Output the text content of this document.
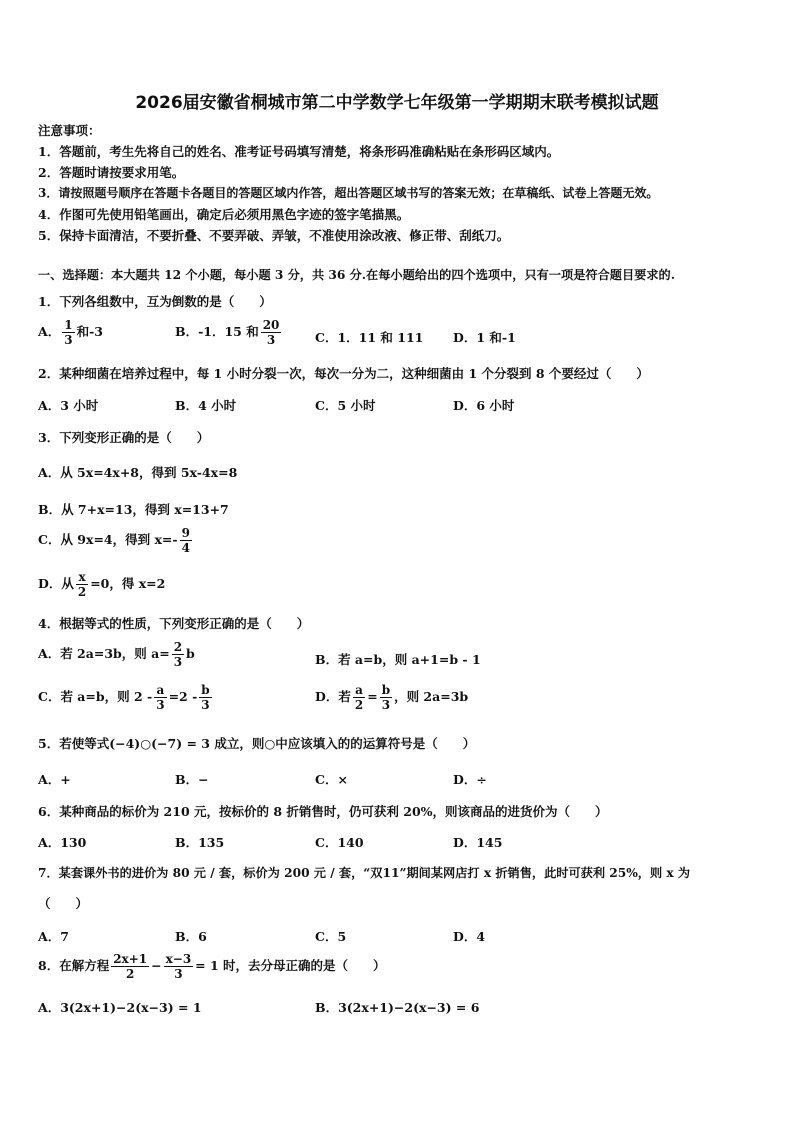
2026届安徽省桐城市第二中学数学七年级第一学期期末联考模拟试题
注意事项：
1．答题前，考生先将自己的姓名、准考证号码填写清楚，将条形码准确粘贴在条形码区域内。
2．答题时请按要求用笔。
3．请按照题号顺序在答题卡各题目的答题区域内作答，超出答题区域书写的答案无效；在草稿纸、试卷上答题无效。
4．作图可先使用铅笔画出，确定后必须用黑色字迹的签字笔描黑。
5．保持卡面清洁，不要折叠、不要弄破、弄皱，不准使用涂改液、修正带、刮纸刀。
一、选择题：本大题共 12 个小题，每小题 3 分，共 36 分.在每小题给出的四个选项中，只有一项是符合题目要求的.
1．下列各组数中，互为倒数的是（　　）
A． $\frac{1}{3}$ 和-3	B．-1．15 和 $\frac{20}{3}$	C．1．11 和 111 D．1 和-1
2．某种细菌在培养过程中，每 1 小时分裂一次，每次一分为二，这种细菌由 1 个分裂到 8 个要经过（　　）
A．3 小时	B．4 小时	C．5 小时	D．6 小时
3．下列变形正确的是（　　）
A．从 5x=4x+8，得到 5x-4x=8
B．从 7+x=13，得到 x=13+7
C．从 9x=4，得到 $x=- \frac{9}{4}$
D．从 $\frac{x}{2} =0$，得 x=2
4．根据等式的性质，下列变形正确的是（　　）
A．若 2a=3b，则 $a= \frac{2}{3}$ b	B．若 a=b，则 a+1=b - 1
C．若 a=b，则 $2 - \frac{a}{3} =2 - \frac{b}{3}$	D．若 $\frac{a}{2} = \frac{b}{3}$ ，则 2a=3b
5．若使等式(−4)○(−7) = 3 成立，则○中应该填入的的运算符号是（　　）
A．+	B．−	C．×	D．÷
6．某种商品的标价为 210 元，按标价的 8 折销售时，仍可获利 20%，则该商品的进货价为（　　）
A．130	B．135	C．140	D．145
7．某套课外书的进价为 80 元 / 套，标价为 200 元 / 套，“双11”期间某网店打 x 折销售，此时可获利 25%，则 x 为
（　　）
A．7	B．6	C．5	D．4
8．在解方程 $\frac{2x+1}{2} - \frac{x-3}{3} = 1$ 时，去分母正确的是（　　）
A．3(2x+1)−2(x−3) = 1	B．3(2x+1)−2(x−3) = 6
